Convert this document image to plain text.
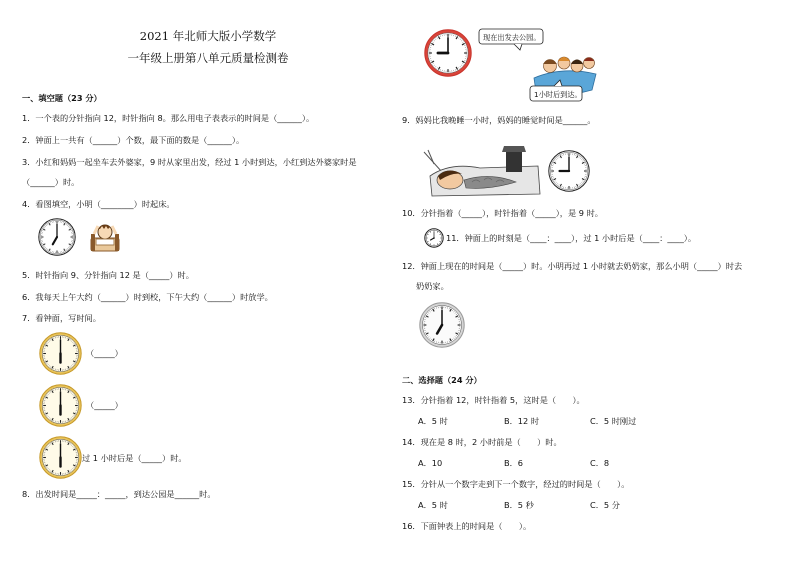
2021 年北师大版小学数学
一年级上册第八单元质量检测卷
一、填空题（23 分）
1．一个表的分针指向 12，时针指向 8。那么用电子表表示的时间是（______）。
2．钟面上一共有（______）个数，最下面的数是（______）。
3．小红和妈妈一起坐车去外婆家，9 时从家里出发，经过 1 小时到达，小红到达外婆家时是
（______）时。
4．看图填空，小明（________）时起床。
5．时针指向 9、分针指向 12 是（_____）时。
6．我每天上午大约（______）时到校，下午大约（______）时放学。
7．看钟面，写时间。
（_____）
（_____）
过 1 小时后是（_____）时。
8．出发时间是_____：_____，到达公园是______时。
现在出发去公园。
1小时后到达。
9．妈妈比我晚睡一小时，妈妈的睡觉时间是______。
10．分针指着（_____），时针指着（_____），是 9 时。
11．钟面上的时刻是（____：____），过 1 小时后是（____：____）。
12．钟面上现在的时间是（_____）时。小明再过 1 小时就去奶奶家，那么小明（_____）时去
奶奶家。
二、选择题（24 分）
13．分针指着 12，时针指着 5，这时是（　　）。
A．5 时	B．12 时	C．5 时刚过
14．现在是 8 时，2 小时前是（　　）时。
A．10	B．6	C．8
15．分针从一个数字走到下一个数字，经过的时间是（　　）。
A．5 时	B．5 秒	C．5 分
16．下面钟表上的时间是（　　）。
